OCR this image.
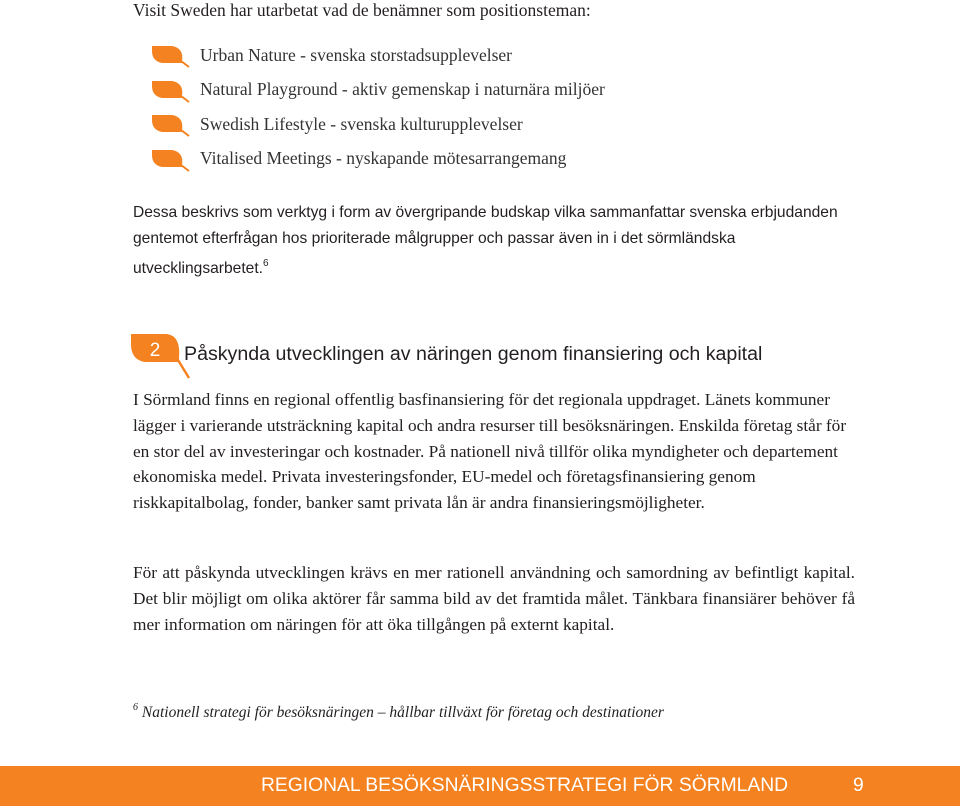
Visit Sweden har utarbetat vad de benämner som positionsteman:

Urban Nature - svenska storstadsupplevelser
Natural Playground - aktiv gemenskap i naturnära miljöer
Swedish Lifestyle - svenska kulturupplevelser
Vitalised Meetings - nyskapande mötesarrangemang

Dessa beskrivs som verktyg i form av övergripande budskap vilka sammanfattar svenska erbjudanden gentemot efterfrågan hos prioriterade målgrupper och passar även in i det sörmländska utvecklingsarbetet.$^6$

2 Påskynda utvecklingen av näringen genom finansiering och kapital

I Sörmland finns en regional offentlig basfinansiering för det regionala uppdraget. Länets kommuner lägger i varierande utsträckning kapital och andra resurser till besöksnäringen. Enskilda företag står för en stor del av investeringar och kostnader. På nationell nivå tillför olika myndigheter och departement ekonomiska medel. Privata investeringsfonder, EU-medel och företagsfinansiering genom riskkapitalbolag, fonder, banker samt privata lån är andra finansieringsmöjligheter.

För att påskynda utvecklingen krävs en mer rationell användning och samordning av befintligt kapital. Det blir möjligt om olika aktörer får samma bild av det framtida målet. Tänkbara finansiärer behöver få mer information om näringen för att öka tillgången på externt kapital.

$^6$ Nationell strategi för besöksnäringen – hållbar tillväxt för företag och destinationer

REGIONAL BESÖKSNÄRINGSSTRATEGI FÖR SÖRMLAND	9
